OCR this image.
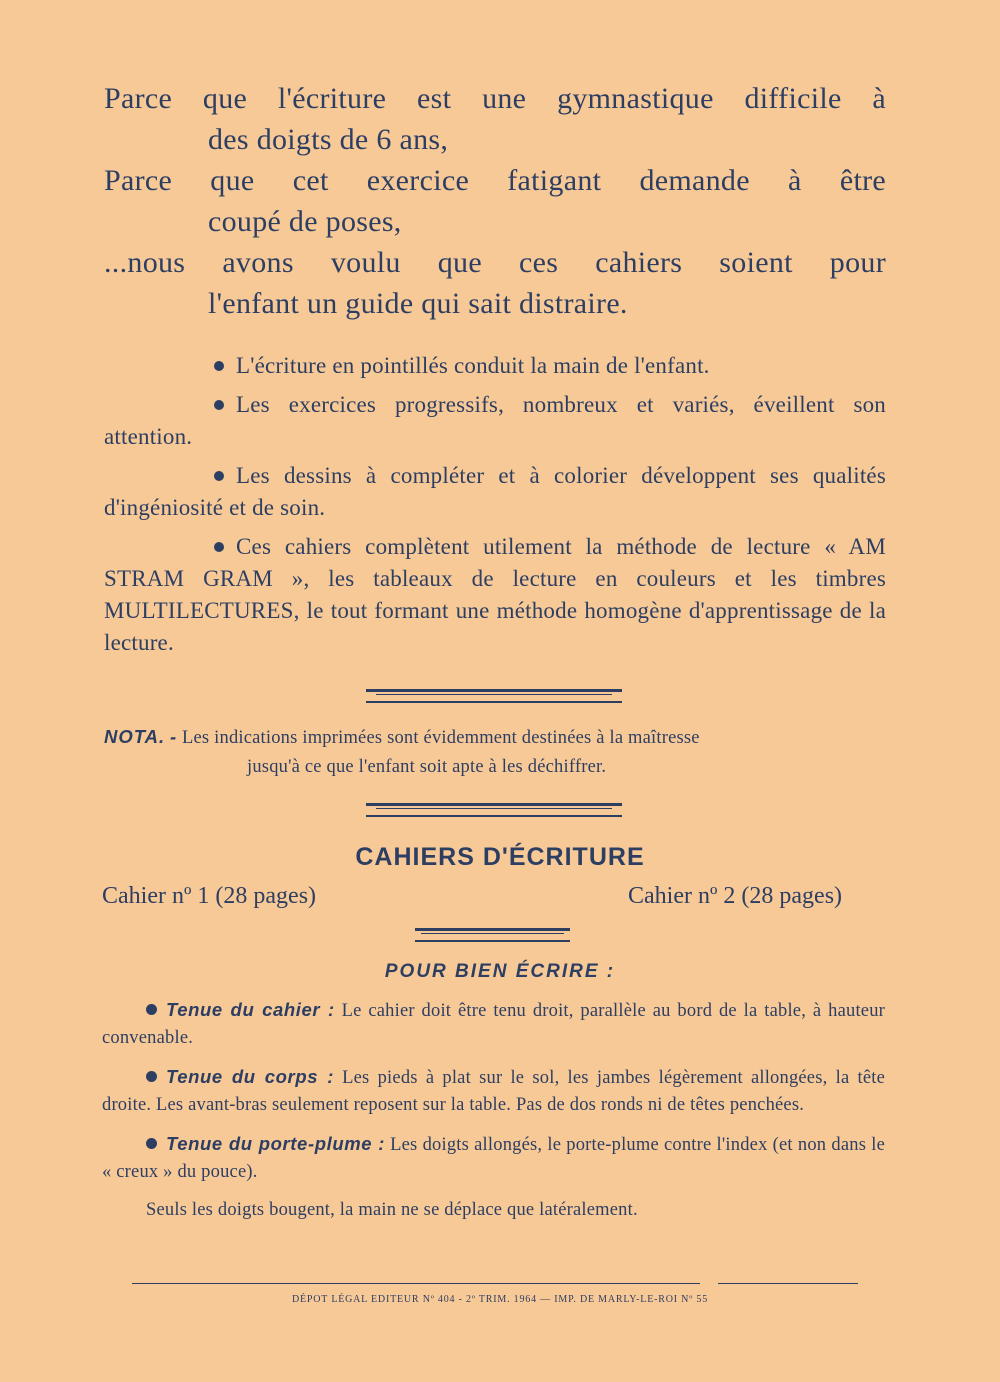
Parce que l'écriture est une gymnastique difficile à

des doigts de 6 ans,

Parce que cet exercice fatigant demande à être

coupé de poses,

...nous avons voulu que ces cahiers soient pour

l'enfant un guide qui sait distraire.

L'écriture en pointillés conduit la main de l'enfant.

Les exercices progressifs, nombreux et variés, éveillent son attention.

Les dessins à compléter et à colorier développent ses qualités d'ingéniosité et de soin.

Ces cahiers complètent utilement la méthode de lecture « AM STRAM GRAM », les tableaux de lecture en couleurs et les timbres MULTILECTURES, le tout formant une méthode homogène d'apprentissage de la lecture.

NOTA. - Les indications imprimées sont évidemment destinées à la maîtresse
jusqu'à ce que l'enfant soit apte à les déchiffrer.
CAHIERS D'ÉCRITURE
Cahier nº 1 (28 pages)	Cahier nº 2 (28 pages)
POUR BIEN ÉCRIRE :

Tenue du cahier : Le cahier doit être tenu droit, parallèle au bord de la table, à hauteur convenable.

Tenue du corps : Les pieds à plat sur le sol, les jambes légèrement allongées, la tête droite. Les avant-bras seulement reposent sur la table. Pas de dos ronds ni de têtes penchées.

Tenue du porte-plume : Les doigts allongés, le porte-plume contre l'index (et non dans le « creux » du pouce).

Seuls les doigts bougent, la main ne se déplace que latéralement.

DÉPOT LÉGAL EDITEUR Nº 404 - 2º TRIM. 1964 — IMP. DE MARLY-LE-ROI Nº 55
